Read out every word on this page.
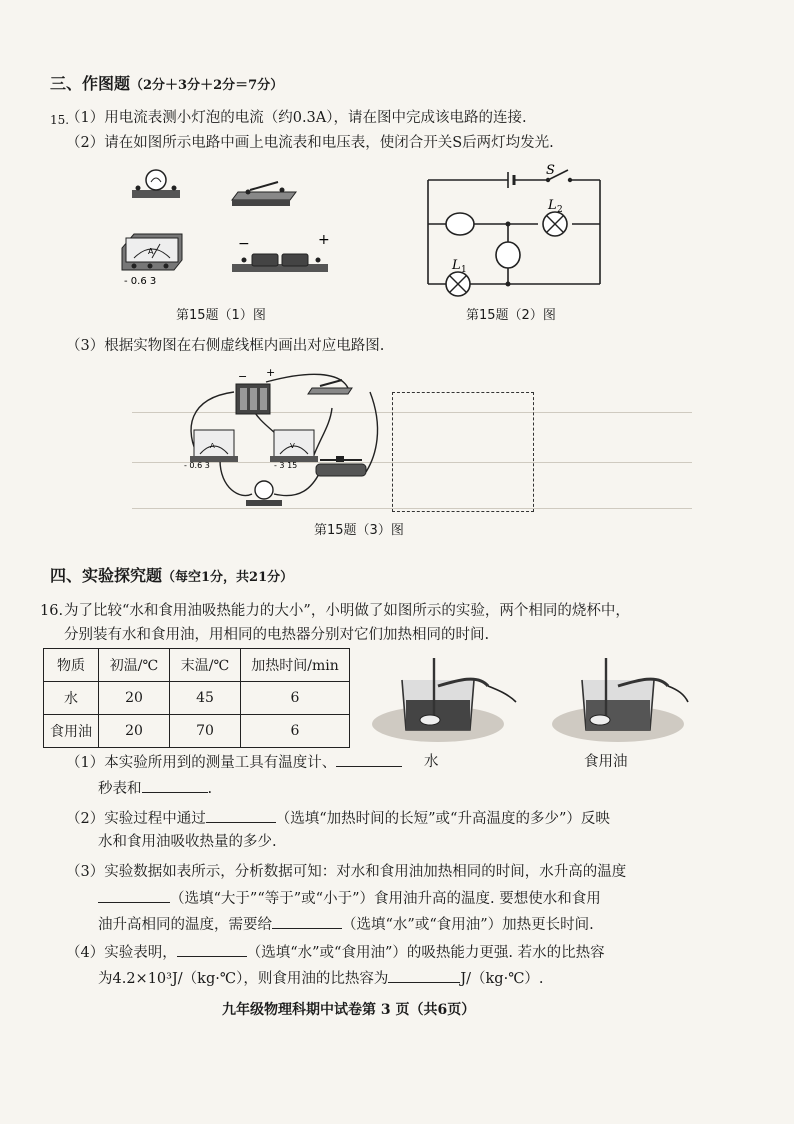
三、作图题（2分＋3分＋2分＝7分）
15.
（1）用电流表测小灯泡的电流（约0.3A），请在图中完成该电路的连接.
（2）请在如图所示电路中画上电流表和电压表，使闭合开关S后两灯均发光.
A	−	+
- 0.6 3
第15题（1）图
S
L 2
L 1
第15题（2）图
（3）根据实物图在右侧虚线框内画出对应电路图.
− +
A
- 0.6 3
V
- 3 15
第15题（3）图
四、实验探究题（每空1分，共21分）
16. 为了比较“水和食用油吸热能力的大小”，小明做了如图所示的实验，两个相同的烧杯中，
分别装有水和食用油，用相同的电热器分别对它们加热相同的时间.
物质	初温/℃	末温/℃	加热时间/min
水	20	45	6
食用油	20	70	6
水	食用油
（1）本实验所用到的测量工具有温度计、
秒表和	.
（2）实验过程中通过	（选填“加热时间的长短”或“升高温度的多少”）反映
水和食用油吸收热量的多少.
（3）实验数据如表所示，分析数据可知：对水和食用油加热相同的时间，水升高的温度
（选填“大于”“等于”或“小于”）食用油升高的温度. 要想使水和食用
油升高相同的温度，需要给	（选填“水”或“食用油”）加热更长时间.
（4）实验表明，	（选填“水”或“食用油”）的吸热能力更强. 若水的比热容
为4.2×10³J/（kg·℃），则食用油的比热容为	J/（kg·℃）.
九年级物理科期中试卷第 3 页（共6页）
